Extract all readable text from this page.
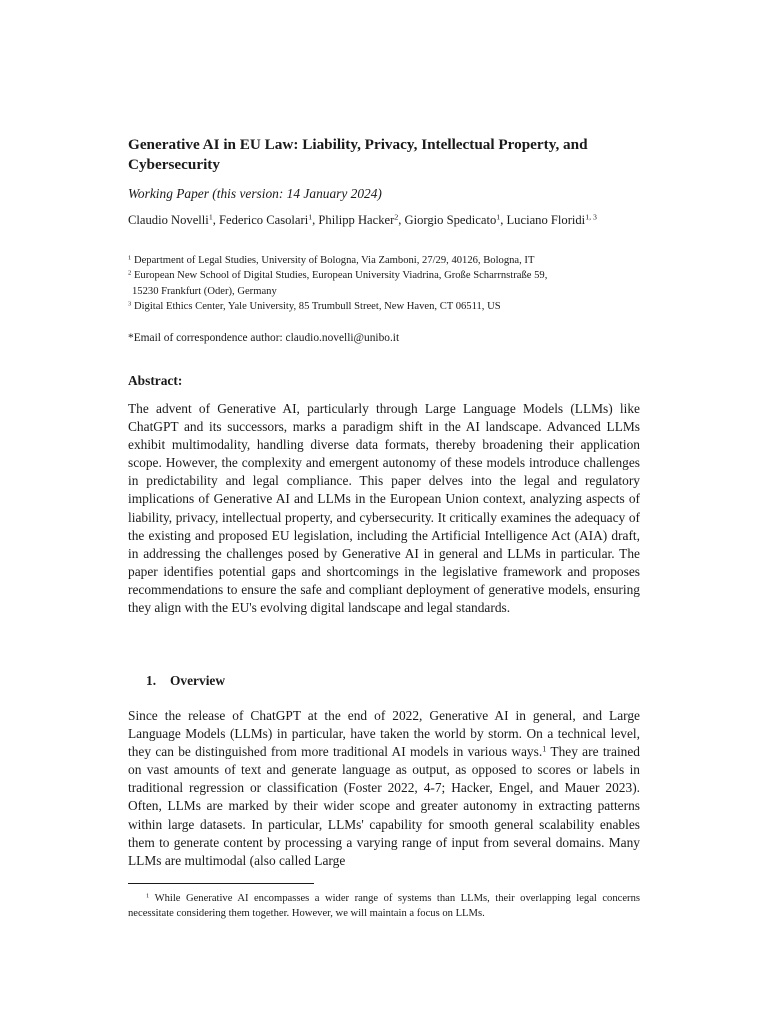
Generative AI in EU Law: Liability, Privacy, Intellectual Property, and Cybersecurity
Working Paper (this version: 14 January 2024)
Claudio Novelli$^1$, Federico Casolari$^1$, Philipp Hacker$^2$, Giorgio Spedicato$^1$, Luciano Floridi$^{1, 3}$

$^1$ Department of Legal Studies, University of Bologna, Via Zamboni, 27/29, 40126, Bologna, IT

$^2$ European New School of Digital Studies, European University Viadrina, Große Scharrnstraße 59,

15230 Frankfurt (Oder), Germany

$^3$ Digital Ethics Center, Yale University, 85 Trumbull Street, New Haven, CT 06511, US

*Email of correspondence author: claudio.novelli@unibo.it
Abstract:
The advent of Generative AI, particularly through Large Language Models (LLMs) like ChatGPT and its successors, marks a paradigm shift in the AI landscape. Advanced LLMs exhibit multimodality, handling diverse data formats, thereby broadening their application scope. However, the complexity and emergent autonomy of these models introduce challenges in predictability and legal compliance. This paper delves into the legal and regulatory implications of Generative AI and LLMs in the European Union context, analyzing aspects of liability, privacy, intellectual property, and cybersecurity. It critically examines the adequacy of the existing and proposed EU legislation, including the Artificial Intelligence Act (AIA) draft, in addressing the challenges posed by Generative AI in general and LLMs in particular. The paper identifies potential gaps and shortcomings in the legislative framework and proposes recommendations to ensure the safe and compliant deployment of generative models, ensuring they align with the EU's evolving digital landscape and legal standards.
1. Overview
Since the release of ChatGPT at the end of 2022, Generative AI in general, and Large Language Models (LLMs) in particular, have taken the world by storm. On a technical level, they can be distinguished from more traditional AI models in various ways.$^1$ They are trained on vast amounts of text and generate language as output, as opposed to scores or labels in traditional regression or classification (Foster 2022, 4-7; Hacker, Engel, and Mauer 2023). Often, LLMs are marked by their wider scope and greater autonomy in extracting patterns within large datasets. In particular, LLMs' capability for smooth general scalability enables them to generate content by processing a varying range of input from several domains. Many LLMs are multimodal (also called Large
$^1$ While Generative AI encompasses a wider range of systems than LLMs, their overlapping legal concerns necessitate considering them together. However, we will maintain a focus on LLMs.
